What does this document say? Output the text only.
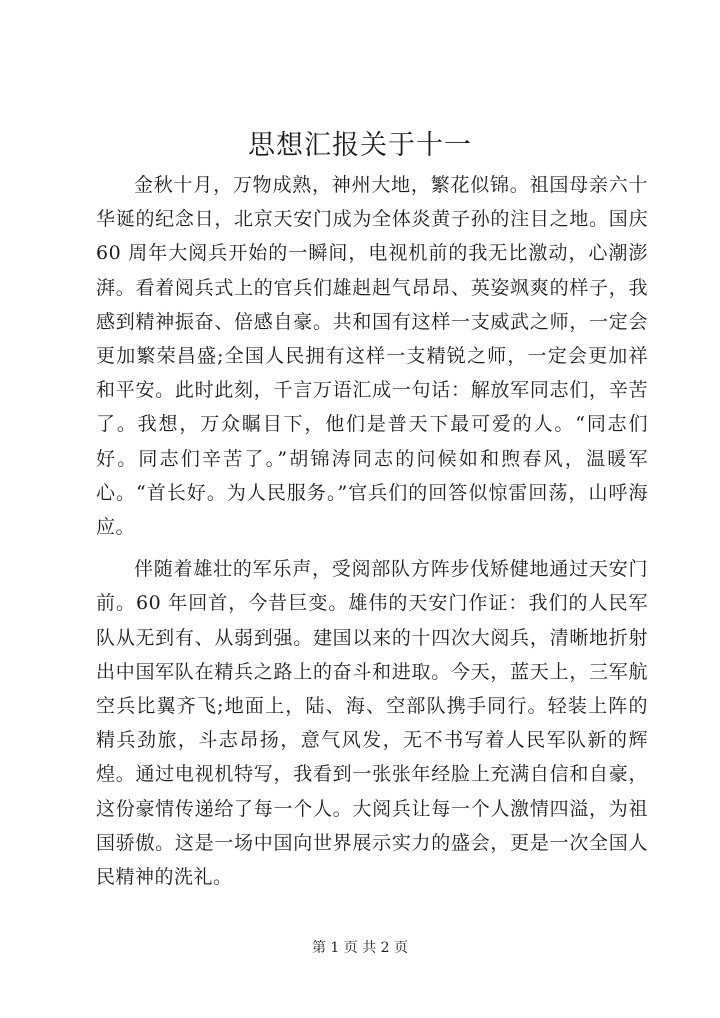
思想汇报关于十一

金秋十月，万物成熟，神州大地，繁花似锦。祖国母亲六十华诞的纪念日，北京天安门成为全体炎黄子孙的注目之地。国庆 60 周年大阅兵开始的一瞬间，电视机前的我无比激动，心潮澎湃。看着阅兵式上的官兵们雄赳赳气昂昂、英姿飒爽的样子，我感到精神振奋、倍感自豪。共和国有这样一支威武之师，一定会更加繁荣昌盛;全国人民拥有这样一支精锐之师，一定会更加祥和平安。此时此刻，千言万语汇成一句话：解放军同志们，辛苦了。我想，万众瞩目下，他们是普天下最可爱的人。“同志们好。同志们辛苦了。”胡锦涛同志的问候如和煦春风，温暖军心。“首长好。为人民服务。”官兵们的回答似惊雷回荡，山呼海应。

伴随着雄壮的军乐声，受阅部队方阵步伐矫健地通过天安门前。60 年回首，今昔巨变。雄伟的天安门作证：我们的人民军队从无到有、从弱到强。建国以来的十四次大阅兵，清晰地折射出中国军队在精兵之路上的奋斗和进取。今天，蓝天上，三军航空兵比翼齐飞;地面上，陆、海、空部队携手同行。轻装上阵的精兵劲旅，斗志昂扬，意气风发，无不书写着人民军队新的辉煌。通过电视机特写，我看到一张张年经脸上充满自信和自豪，这份豪情传递给了每一个人。大阅兵让每一个人激情四溢，为祖国骄傲。这是一场中国向世界展示实力的盛会，更是一次全国人民精神的洗礼。

第 1 页 共 2 页
